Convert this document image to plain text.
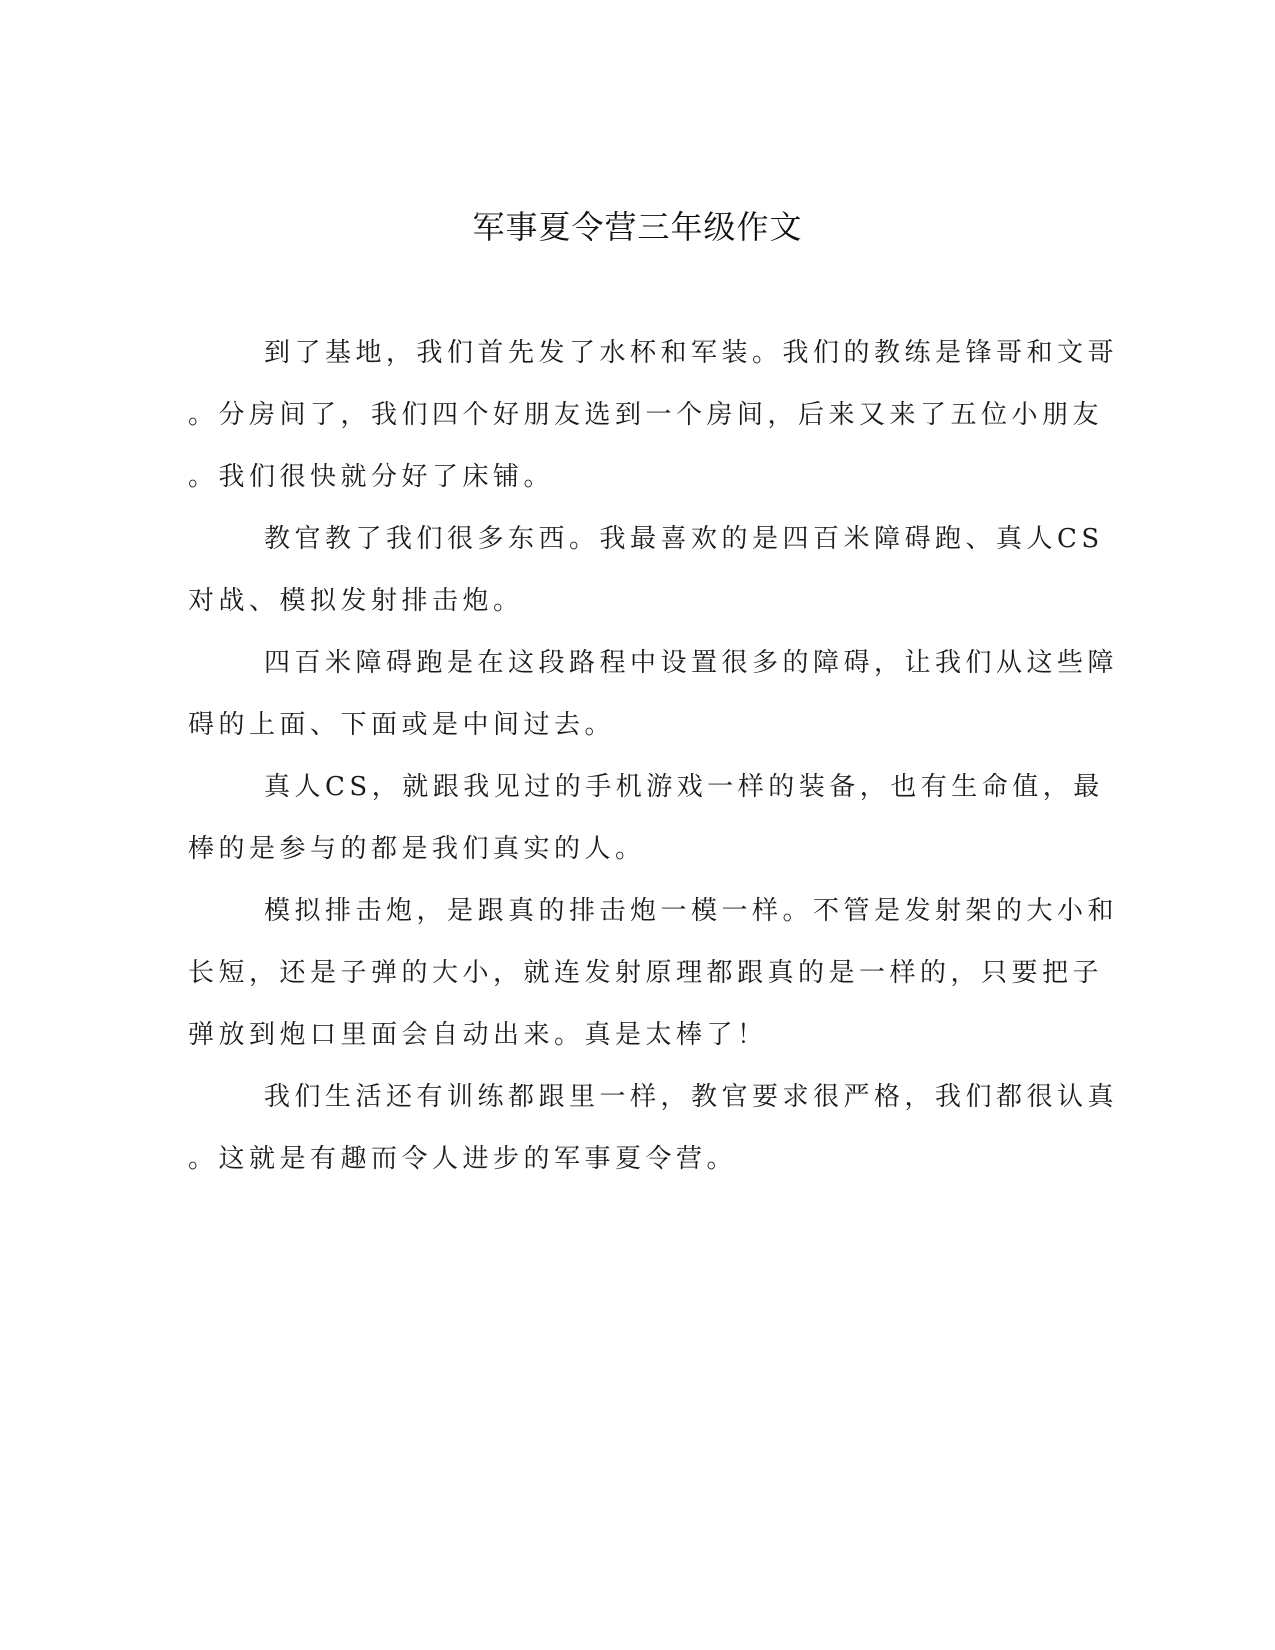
军事夏令营三年级作文

到了基地，我们首先发了水杯和军装。我们的教练是锋哥和文哥
。分房间了，我们四个好朋友选到一个房间，后来又来了五位小朋友
。我们很快就分好了床铺。

教官教了我们很多东西。我最喜欢的是四百米障碍跑、真人CS
对战、模拟发射排击炮。

四百米障碍跑是在这段路程中设置很多的障碍，让我们从这些障
碍的上面、下面或是中间过去。

真人CS，就跟我见过的手机游戏一样的装备，也有生命值，最
棒的是参与的都是我们真实的人。

模拟排击炮，是跟真的排击炮一模一样。不管是发射架的大小和
长短，还是子弹的大小，就连发射原理都跟真的是一样的，只要把子
弹放到炮口里面会自动出来。真是太棒了！

我们生活还有训练都跟里一样，教官要求很严格，我们都很认真
。这就是有趣而令人进步的军事夏令营。
